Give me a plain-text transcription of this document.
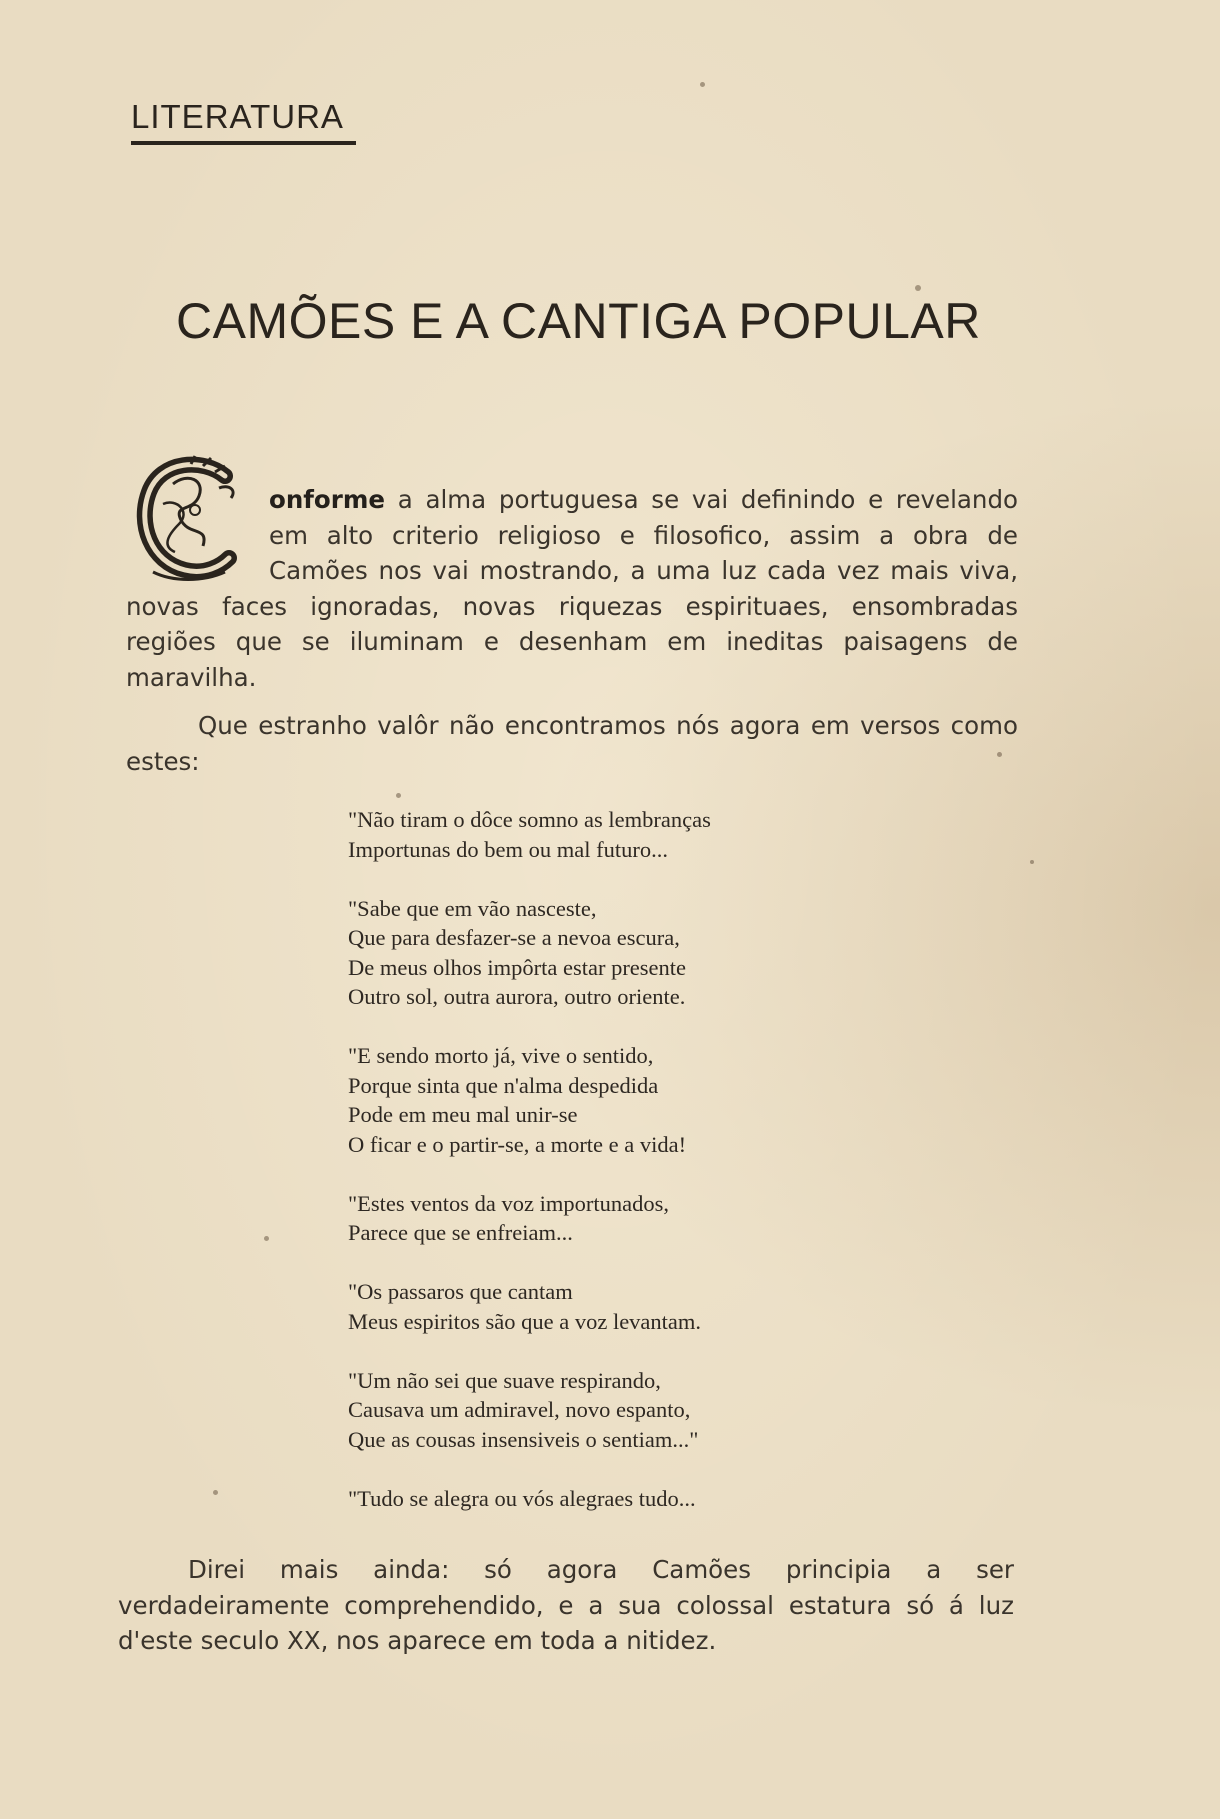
LITERATURA
CAMÕES E A CANTIGA POPULAR
onforme a alma portuguesa se vai definindo e revelando em alto criterio religioso e filosofico, assim a obra de Camões nos vai mostrando, a uma luz cada vez mais viva, novas faces ignoradas, novas riquezas espirituaes, ensombradas regiões que se iluminam e desenham em ineditas paisagens de maravilha.
Que estranho valôr não encontramos nós agora em versos como estes:
"Não tiram o dôce somno as lembranças
Importunas do bem ou mal futuro...
"Sabe que em vão nasceste,
Que para desfazer-se a nevoa escura,
De meus olhos impôrta estar presente
Outro sol, outra aurora, outro oriente.
"E sendo morto já, vive o sentido,
Porque sinta que n'alma despedida
Pode em meu mal unir-se
O ficar e o partir-se, a morte e a vida!
"Estes ventos da voz importunados,
Parece que se enfreiam...
"Os passaros que cantam
Meus espiritos são que a voz levantam.
"Um não sei que suave respirando,
Causava um admiravel, novo espanto,
Que as cousas insensiveis o sentiam..."
"Tudo se alegra ou vós alegraes tudo...
Direi mais ainda: só agora Camões principia a ser verdadeiramente comprehendido, e a sua colossal estatura só á luz d'este seculo XX, nos aparece em toda a nitidez.
